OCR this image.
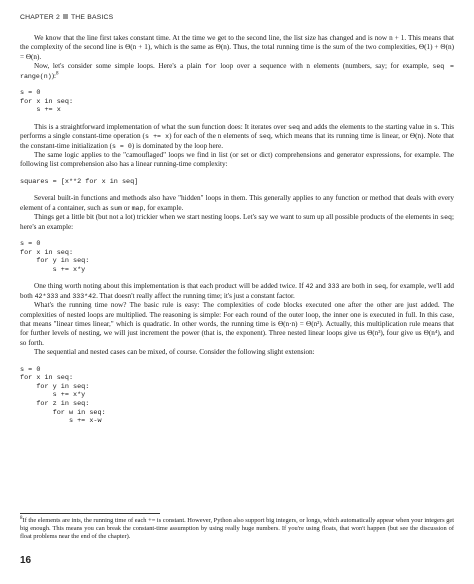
CHAPTER 2 THE BASICS

We know that the line first takes constant time. At the time we get to the second line, the list size has changed and is now n + 1. This means that the complexity of the second line is Θ(n + 1), which is the same as Θ(n). Thus, the total running time is the sum of the two complexities, Θ(1) + Θ(n) = Θ(n).

Now, let's consider some simple loops. Here's a plain for loop over a sequence with n elements (numbers, say; for example, seq = range(n)):$^8$

s = 0
for x in seq:
s += x

This is a straightforward implementation of what the sum function does: It iterates over seq and adds the elements to the starting value in s. This performs a single constant-time operation (s += x) for each of the n elements of seq, which means that its running time is linear, or Θ(n). Note that the constant-time initialization (s = 0) is dominated by the loop here.

The same logic applies to the "camouflaged" loops we find in list (or set or dict) comprehensions and generator expressions, for example. The following list comprehension also has a linear running-time complexity:

squares = [x**2 for x in seq]

Several built-in functions and methods also have "hidden" loops in them. This generally applies to any function or method that deals with every element of a container, such as sum or map, for example.

Things get a little bit (but not a lot) trickier when we start nesting loops. Let's say we want to sum up all possible products of the elements in seq; here's an example:

s = 0
for x in seq:
for y in seq:
s += x*y

One thing worth noting about this implementation is that each product will be added twice. If 42 and 333 are both in seq, for example, we'll add both 42*333 and 333*42. That doesn't really affect the running time; it's just a constant factor.

What's the running time now? The basic rule is easy: The complexities of code blocks executed one after the other are just added. The complexities of nested loops are multiplied. The reasoning is simple: For each round of the outer loop, the inner one is executed in full. In this case, that means "linear times linear," which is quadratic. In other words, the running time is Θ(n·n) = Θ(n²). Actually, this multiplication rule means that for further levels of nesting, we will just increment the power (that is, the exponent). Three nested linear loops give us Θ(n³), four give us Θ(n⁴), and so forth.

The sequential and nested cases can be mixed, of course. Consider the following slight extension:

s = 0
for x in seq:
for y in seq:
s += x*y
for z in seq:
for w in seq:
s += x-w
$^8$If the elements are ints, the running time of each += is constant. However, Python also support big integers, or longs, which automatically appear when your integers get big enough. This means you can break the constant-time assumption by using really huge numbers. If you're using floats, that won't happen (but see the discussion of float problems near the end of the chapter).
16
